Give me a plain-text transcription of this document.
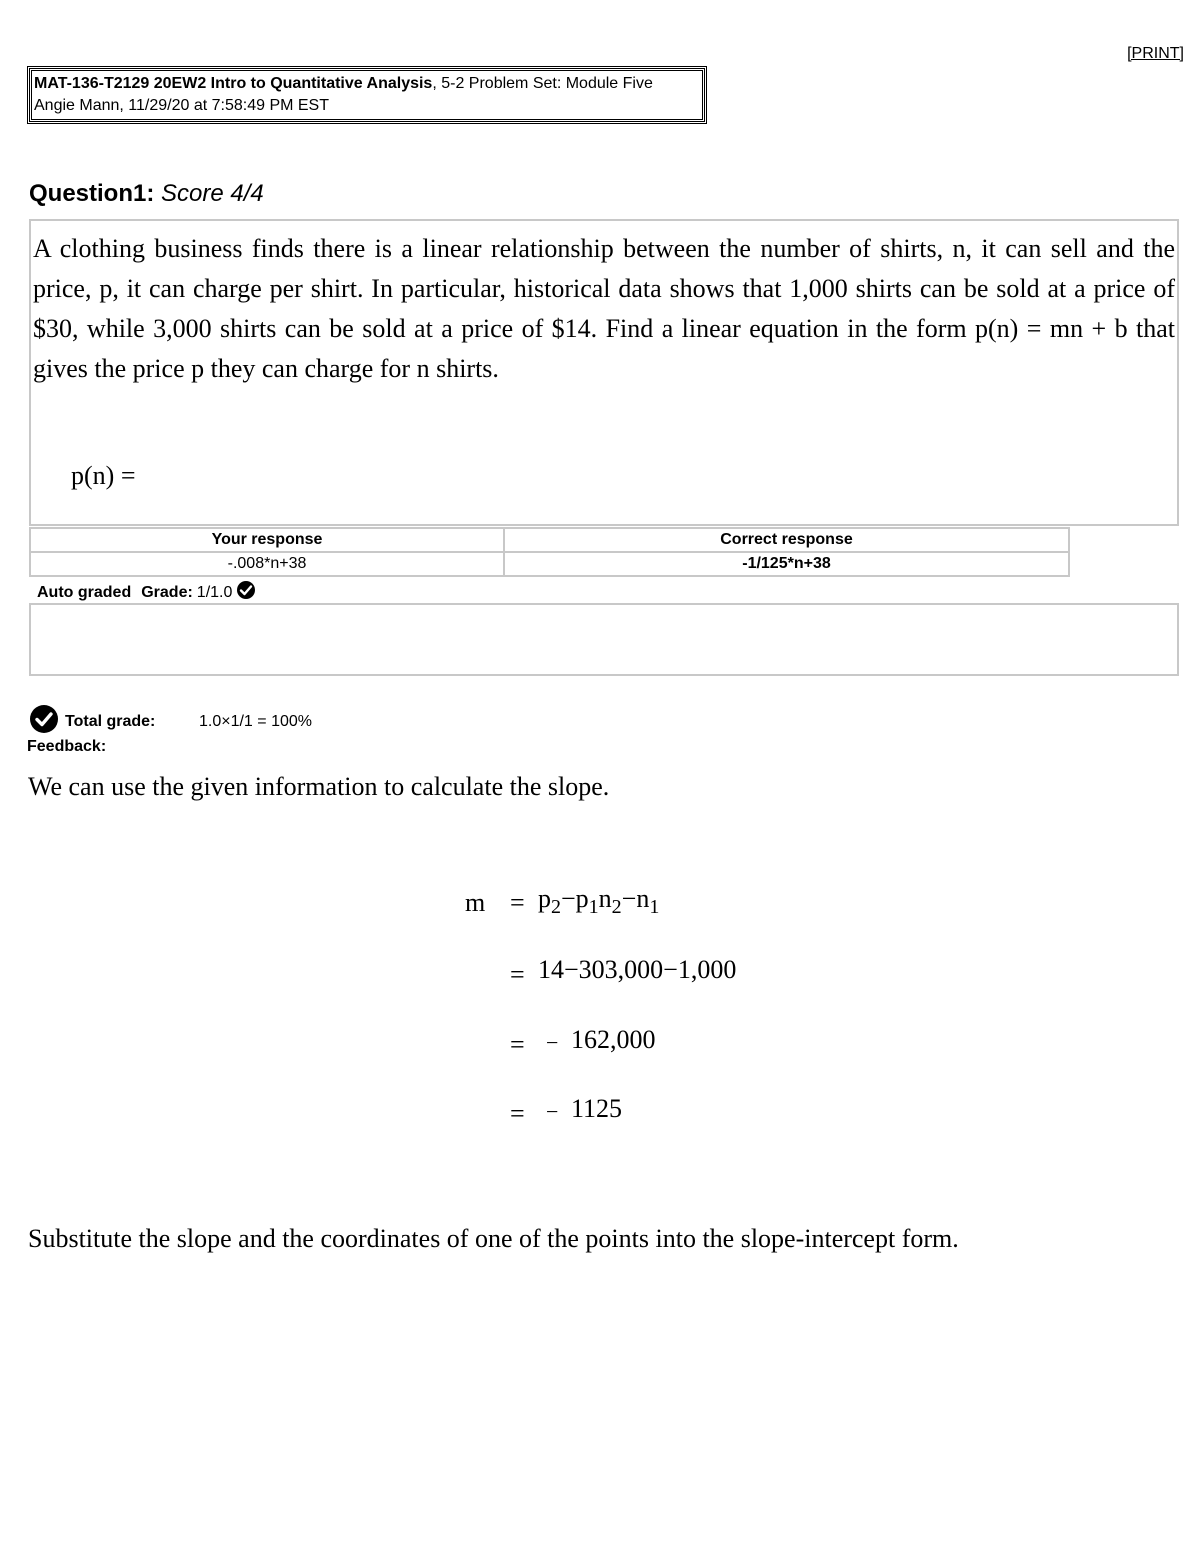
[PRINT]
MAT-136-T2129 20EW2 Intro to Quantitative Analysis, 5-2 Problem Set: Module Five
Angie Mann, 11/29/20 at 7:58:49 PM EST
Question1: Score 4/4

A clothing business finds there is a linear relationship between the number of shirts, n, it can sell and the price, p, it can charge per shirt. In particular, historical data shows that 1,000 shirts can be sold at a price of $30, while 3,000 shirts can be sold at a price of $14. Find a linear equation in the form p(n) = mn + b that gives the price p they can charge for n shirts.

p(n) =
Your response	Correct response
-.008*n+38	-1/125*n+38
Auto graded Grade: 1/1.0
Total grade:	1.0×1/1 = 100%
Feedback:
We can use the given information to calculate the slope.
$m = p_2-p_1n_2-n_1$
= 14−303,000−1,000
= − 162,000
= − 1125
Substitute the slope and the coordinates of one of the points into the slope-intercept form.
